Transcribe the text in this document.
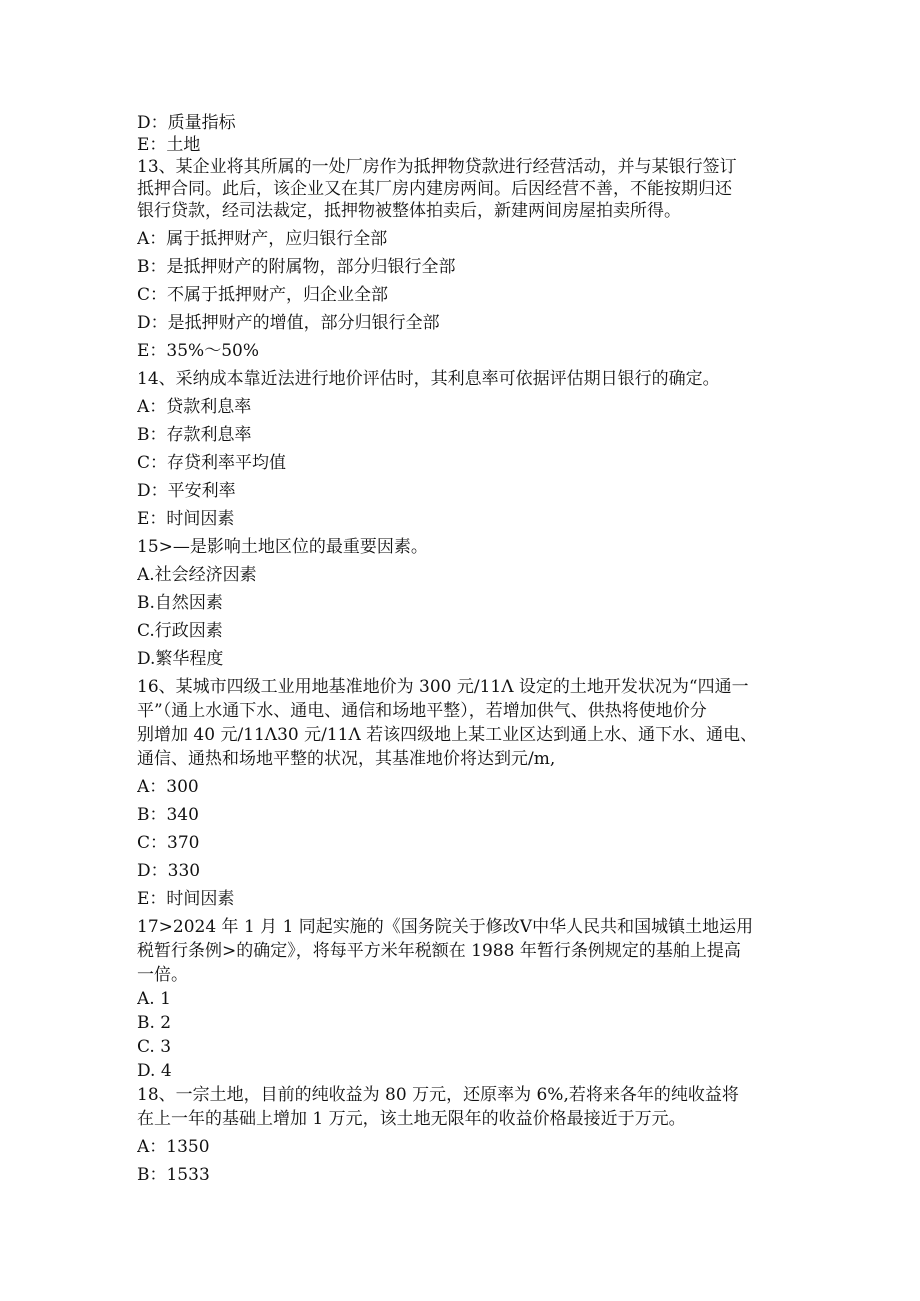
D：质量指标
E：土地
13、某企业将其所属的一处厂房作为抵押物贷款进行经营活动，并与某银行签订
抵押合同。此后，该企业又在其厂房内建房两间。后因经营不善，不能按期归还
银行贷款，经司法裁定，抵押物被整体拍卖后，新建两间房屋拍卖所得。
A：属于抵押财产，应归银行全部
B：是抵押财产的附属物，部分归银行全部
C：不属于抵押财产，归企业全部
D：是抵押财产的增值，部分归银行全部
E：35%～50%
14、采纳成本靠近法进行地价评估时，其利息率可依据评估期日银行的确定。
A：贷款利息率
B：存款利息率
C：存贷利率平均值
D：平安利率
E：时间因素
15>—是影响土地区位的最重要因素。
A.社会经济因素
B.自然因素
C.行政因素
D.繁华程度
16、某城市四级工业用地基准地价为 300 元/11Λ 设定的土地开发状况为“四通一
平”（通上水通下水、通电、通信和场地平整），若增加供气、供热将使地价分
别增加 40 元/11Λ30 元/11Λ 若该四级地上某工业区达到通上水、通下水、通电、
通信、通热和场地平整的状况，其基准地价将达到元/m,
A：300
B：340
C：370
D：330
E：时间因素
17>2024 年 1 月 1 同起实施的《国务院关于修改Ⅴ中华人民共和国城镇土地运用
税暂行条例>的确定》，将每平方米年税额在 1988 年暂行条例规定的基舶上提高
一倍。
A. 1
B. 2
C. 3
D. 4
18、一宗土地，目前的纯收益为 80 万元，还原率为 6%,若将来各年的纯收益将
在上一年的基础上增加 1 万元，该土地无限年的收益价格最接近于万元。
A：1350
B：1533
